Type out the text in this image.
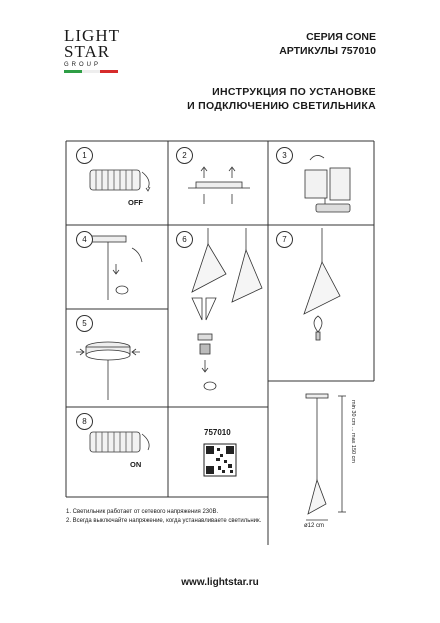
LIGHT
STAR
GROUP
СЕРИЯ CONE
АРТИКУЛЫ 757010
ИНСТРУКЦИЯ ПО УСТАНОВКЕ
И ПОДКЛЮЧЕНИЮ СВЕТИЛЬНИКА
1	2	3
4	6	7
5
8
OFF
ON
757010	min 30 cm ... max 150 cm
ø12 cm
1. Светильник работает от сетевого напряжения 230В.
2. Всегда выключайте напряжение, когда устанавливаете светильник.
www.lightstar.ru
